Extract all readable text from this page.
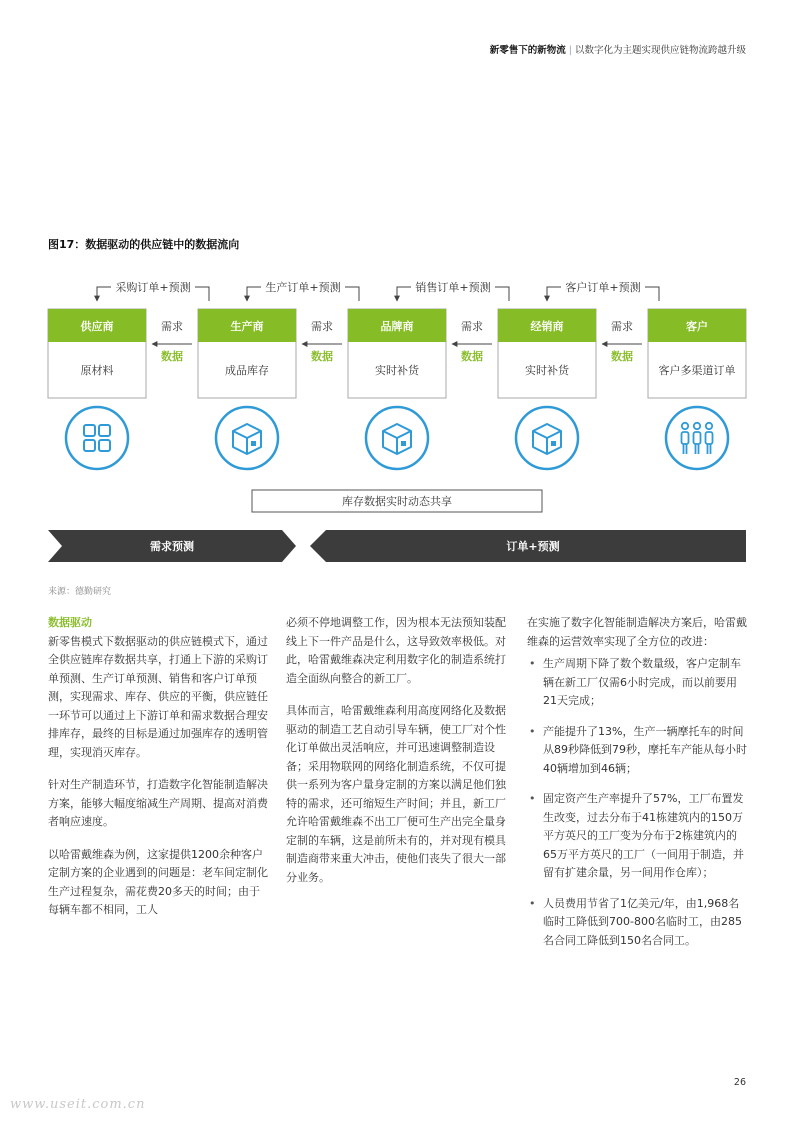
新零售下的新物流 | 以数字化为主题实现供应链物流跨越升级
图17：数据驱动的供应链中的数据流向
采购订单+预测	生产订单+预测	销售订单+预测	客户订单+预测
供应商
原材料
生产商
成品库存
品牌商
实时补货
经销商
实时补货
客户
客户多渠道订单
需求
数据
需求
数据
需求
数据
需求
数据
库存数据实时动态共享
需求预测	订单+预测
来源：德勤研究
数据驱动

新零售模式下数据驱动的供应链模式下，通过全供应链库存数据共享，打通上下游的采购订单预测、生产订单预测、销售和客户订单预测，实现需求、库存、供应的平衡，供应链任一环节可以通过上下游订单和需求数据合理安排库存，最终的目标是通过加强库存的透明管理，实现消灭库存。

针对生产制造环节，打造数字化智能制造解决方案，能够大幅度缩减生产周期、提高对消费者响应速度。

以哈雷戴维森为例，这家提供1200余种客户定制方案的企业遇到的问题是：老车间定制化生产过程复杂，需花费20多天的时间；由于每辆车都不相同，工人

必须不停地调整工作，因为根本无法预知装配线上下一件产品是什么，这导致效率极低。对此，哈雷戴维森决定利用数字化的制造系统打造全面纵向整合的新工厂。

具体而言，哈雷戴维森利用高度网络化及数据驱动的制造工艺自动引导车辆，使工厂对个性化订单做出灵活响应，并可迅速调整制造设备；采用物联网的网络化制造系统，不仅可提供一系列为客户量身定制的方案以满足他们独特的需求，还可缩短生产时间；并且，新工厂允许哈雷戴维森不出工厂便可生产出完全量身定制的车辆，这是前所未有的，并对现有模具制造商带来重大冲击，使他们丧失了很大一部分业务。

在实施了数字化智能制造解决方案后，哈雷戴维森的运营效率实现了全方位的改进：

• 生产周期下降了数个数量级，客户定制车辆在新工厂仅需6小时完成，而以前要用21天完成；
• 产能提升了13%，生产一辆摩托车的时间从89秒降低到79秒，摩托车产能从每小时40辆增加到46辆；
• 固定资产生产率提升了57%，工厂布置发生改变，过去分布于41栋建筑内的150万平方英尺的工厂变为分布于2栋建筑内的65万平方英尺的工厂（一间用于制造，并留有扩建余量，另一间用作仓库）；
• 人员费用节省了1亿美元/年，由1,968名临时工降低到700-800名临时工，由285名合同工降低到150名合同工。
26
www.useit.com.cn
